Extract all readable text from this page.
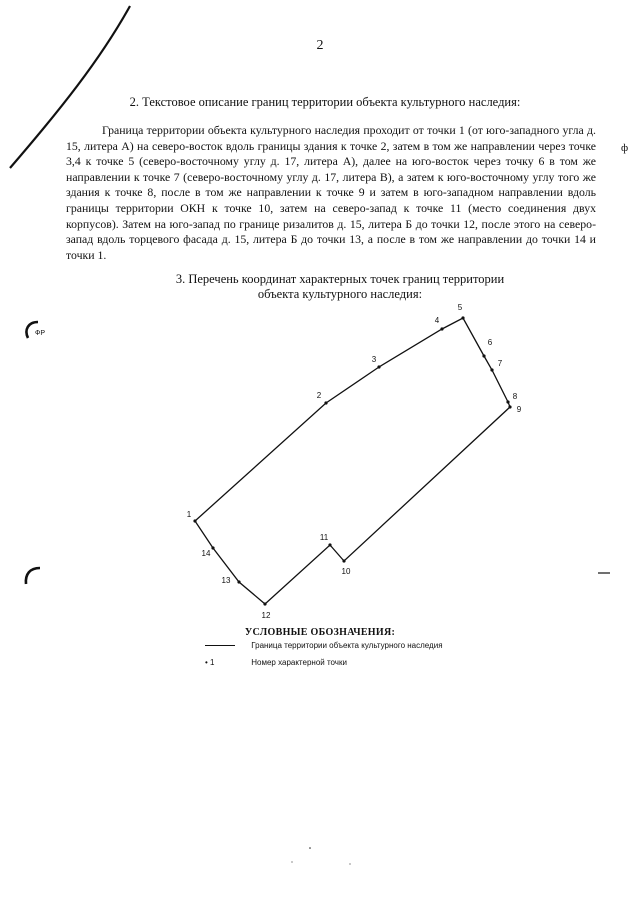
2
2. Текстовое описание границ территории объекта культурного наследия:

Граница территории объекта культурного наследия проходит от точки 1 (от юго-западного угла д. 15, литера А) на северо-восток вдоль границы здания к точке 2, затем в том же направлении через точке 3,4 к точке 5 (северо-восточному углу д. 17, литера А), далее на юго-восток через точку 6 в том же направлении к точке 7 (северо-восточному углу д. 17, литера В), а затем к юго-восточному углу того же здания к точке 8, после в том же направлении к точке 9 и затем в юго-западном направлении вдоль границы территории ОКН к точке 10, затем на северо-запад к точке 11 (место соединения двух корпусов). Затем на юго-запад по границе ризалитов д. 15, литера Б до точки 12, после этого на северо-запад вдоль торцевого фасада д. 15, литера Б до точки 13, а после в том же направлении до точки 14 и точки 1.

3. Перечень координат характерных точек границ территории
объекта культурного наследия:
ФР
ф
1
2
3
4
5
6
7
8
9
10
11
12
13
14
УСЛОВНЫЕ ОБОЗНАЧЕНИЯ:
Граница территории объекта культурного наследия
• 1	Номер характерной точки
